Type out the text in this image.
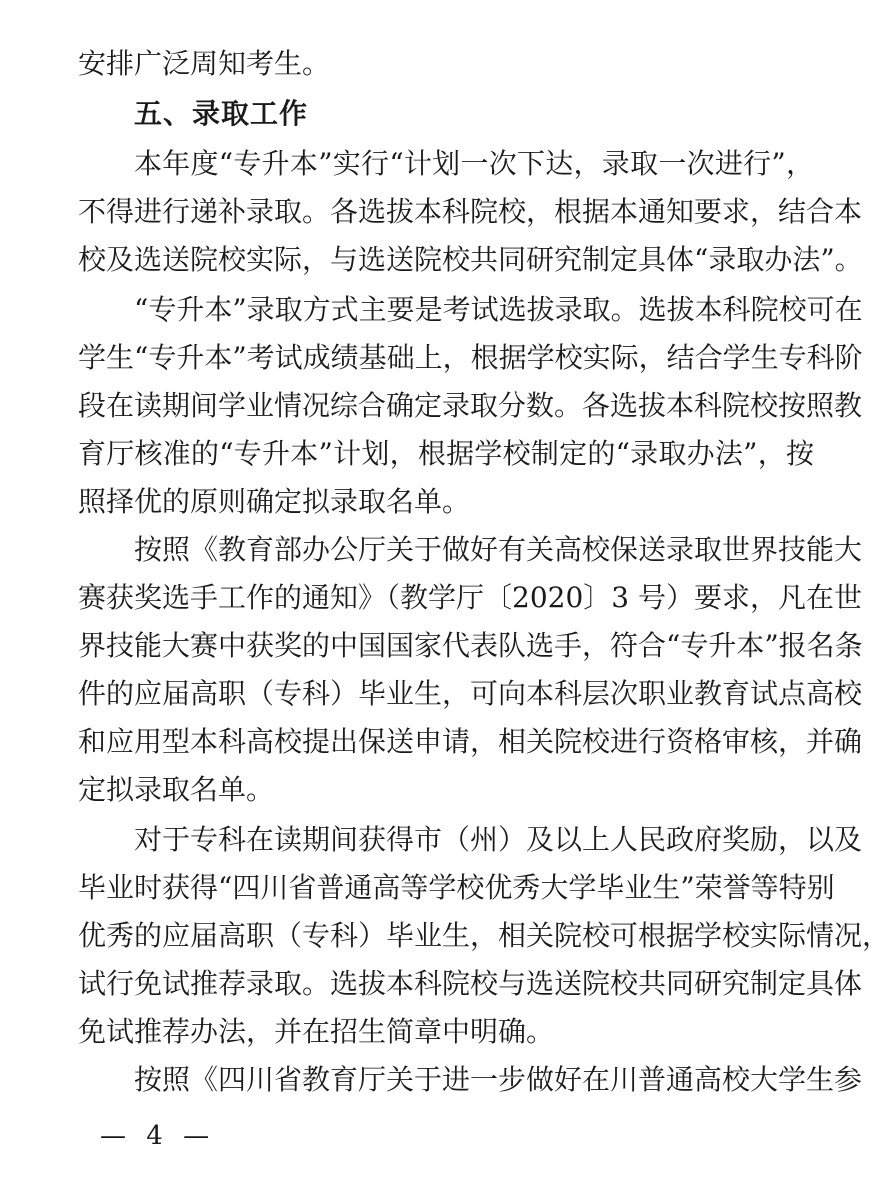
安排广泛周知考生。
五、录取工作
本年度“专升本”实行“计划一次下达，录取一次进行”，
不得进行递补录取。各选拔本科院校，根据本通知要求，结合本
校及选送院校实际，与选送院校共同研究制定具体“录取办法”。
“专升本”录取方式主要是考试选拔录取。选拔本科院校可在
学生“专升本”考试成绩基础上，根据学校实际，结合学生专科阶
段在读期间学业情况综合确定录取分数。各选拔本科院校按照教
育厅核准的“专升本”计划，根据学校制定的“录取办法”，按
照择优的原则确定拟录取名单。
按照《教育部办公厅关于做好有关高校保送录取世界技能大
赛获奖选手工作的通知》（教学厅〔2020〕3 号）要求，凡在世
界技能大赛中获奖的中国国家代表队选手，符合“专升本”报名条
件的应届高职（专科）毕业生，可向本科层次职业教育试点高校
和应用型本科高校提出保送申请，相关院校进行资格审核，并确
定拟录取名单。
对于专科在读期间获得市（州）及以上人民政府奖励，以及
毕业时获得“四川省普通高等学校优秀大学毕业生”荣誉等特别
优秀的应届高职（专科）毕业生，相关院校可根据学校实际情况，
试行免试推荐录取。选拔本科院校与选送院校共同研究制定具体
免试推荐办法，并在招生简章中明确。
按照《四川省教育厅关于进一步做好在川普通高校大学生参
— 4 —
